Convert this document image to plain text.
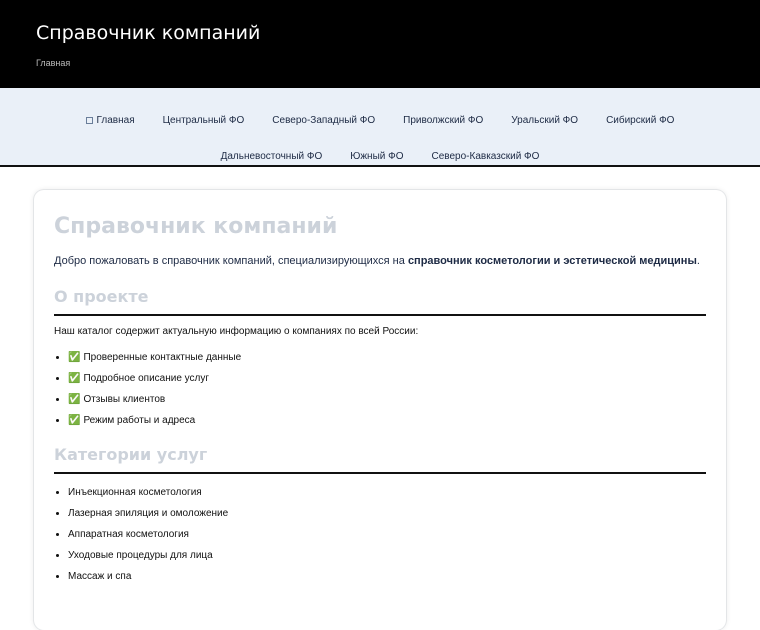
Справочник компаний
Главная
Главная	Центральный ФО	Северо-Западный ФО	Приволжский ФО	Уральский ФО	Сибирский ФО
Дальневосточный ФО	Южный ФО	Северо-Кавказский ФО
Справочник компаний

Добро пожаловать в справочник компаний, специализирующихся на справочник косметологии и эстетической медицины.

О проекте

Наш каталог содержит актуальную информацию о компаниях по всей России:

• ✅ Проверенные контактные данные
• ✅ Подробное описание услуг
• ✅ Отзывы клиентов
• ✅ Режим работы и адреса
Категории услуг
• Инъекционная косметология
• Лазерная эпиляция и омоложение
• Аппаратная косметология
• Уходовые процедуры для лица
• Массаж и спа
